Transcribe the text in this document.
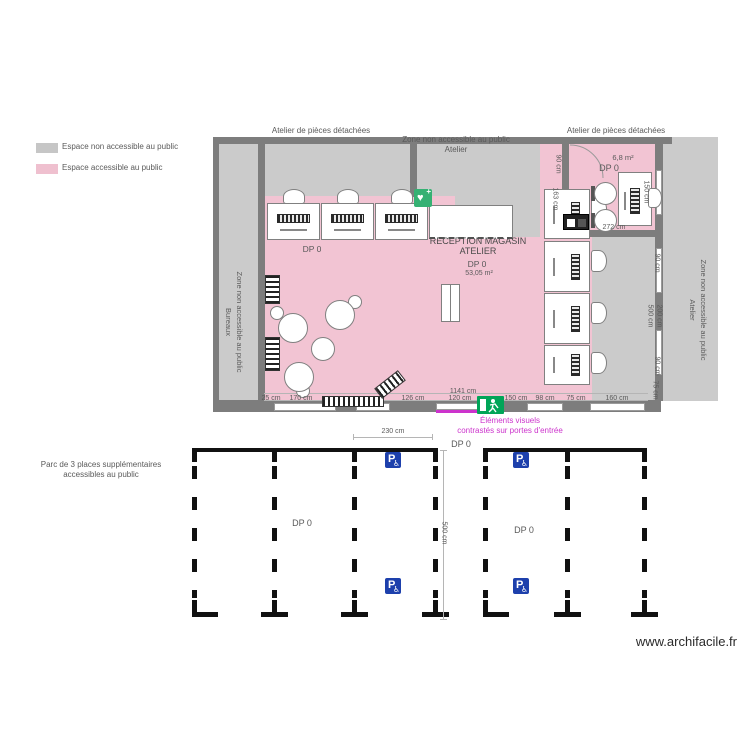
Espace non accessible au public
Espace accessible au public
♥
+
Atelier de pièces détachées
Zone non accessible au public
Atelier
Atelier de pièces détachées
Zone non accessible au public
Bureaux	Zone non accessible au public
Atelier
RECEPTION MAGASIN
ATELIER
DP 0
53,05 m²
DP 0
6,8 m²
DP 0
25 cm 170 cm	126 cm
1141 cm
120 cm	150 cm 98 cm 75 cm	160 cm
90 cm
163 cm	150 cm
272 cm
90 cm
500 cm 200 cm
90 cm
75 cm
Éléments visuels
contrastés sur portes d'entrée
Parc de 3 places supplémentaires
accessibles au public
230 cm
500 cm
DP 0
DP 0
DP 0
P
♿
P
♿
P
♿
P
♿
www.archifacile.fr
